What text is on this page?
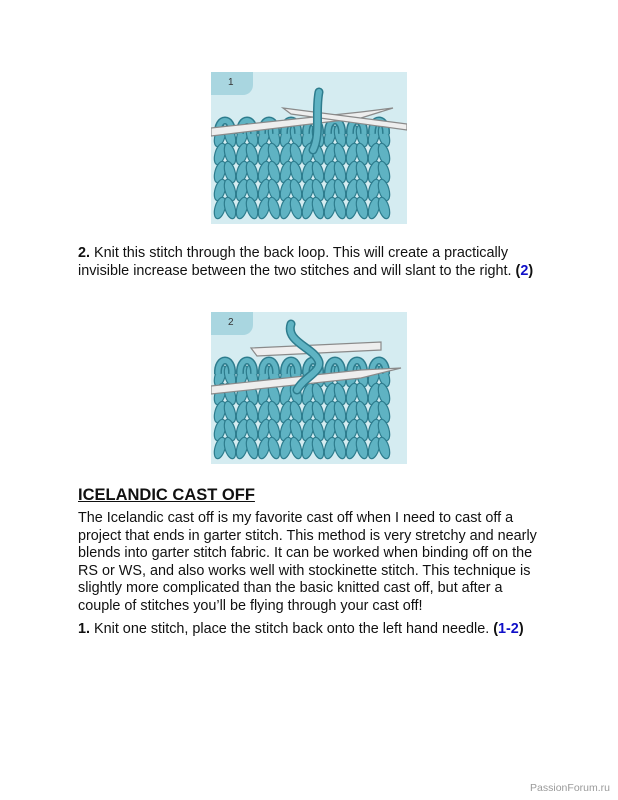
1

2. Knit this stitch through the back loop. This will create a practically invisible increase between the two stitches and will slant to the right. (2)

2
ICELANDIC CAST OFF

The Icelandic cast off is my favorite cast off when I need to cast off a project that ends in garter stitch. This method is very stretchy and nearly blends into garter stitch fabric. It can be worked when binding off on the RS or WS, and also works well with stockinette stitch. This technique is slightly more complicated than the basic knitted cast off, but after a couple of stitches you’ll be flying through your cast off!

1. Knit one stitch, place the stitch back onto the left hand needle. (1-2)

PassionForum.ru
